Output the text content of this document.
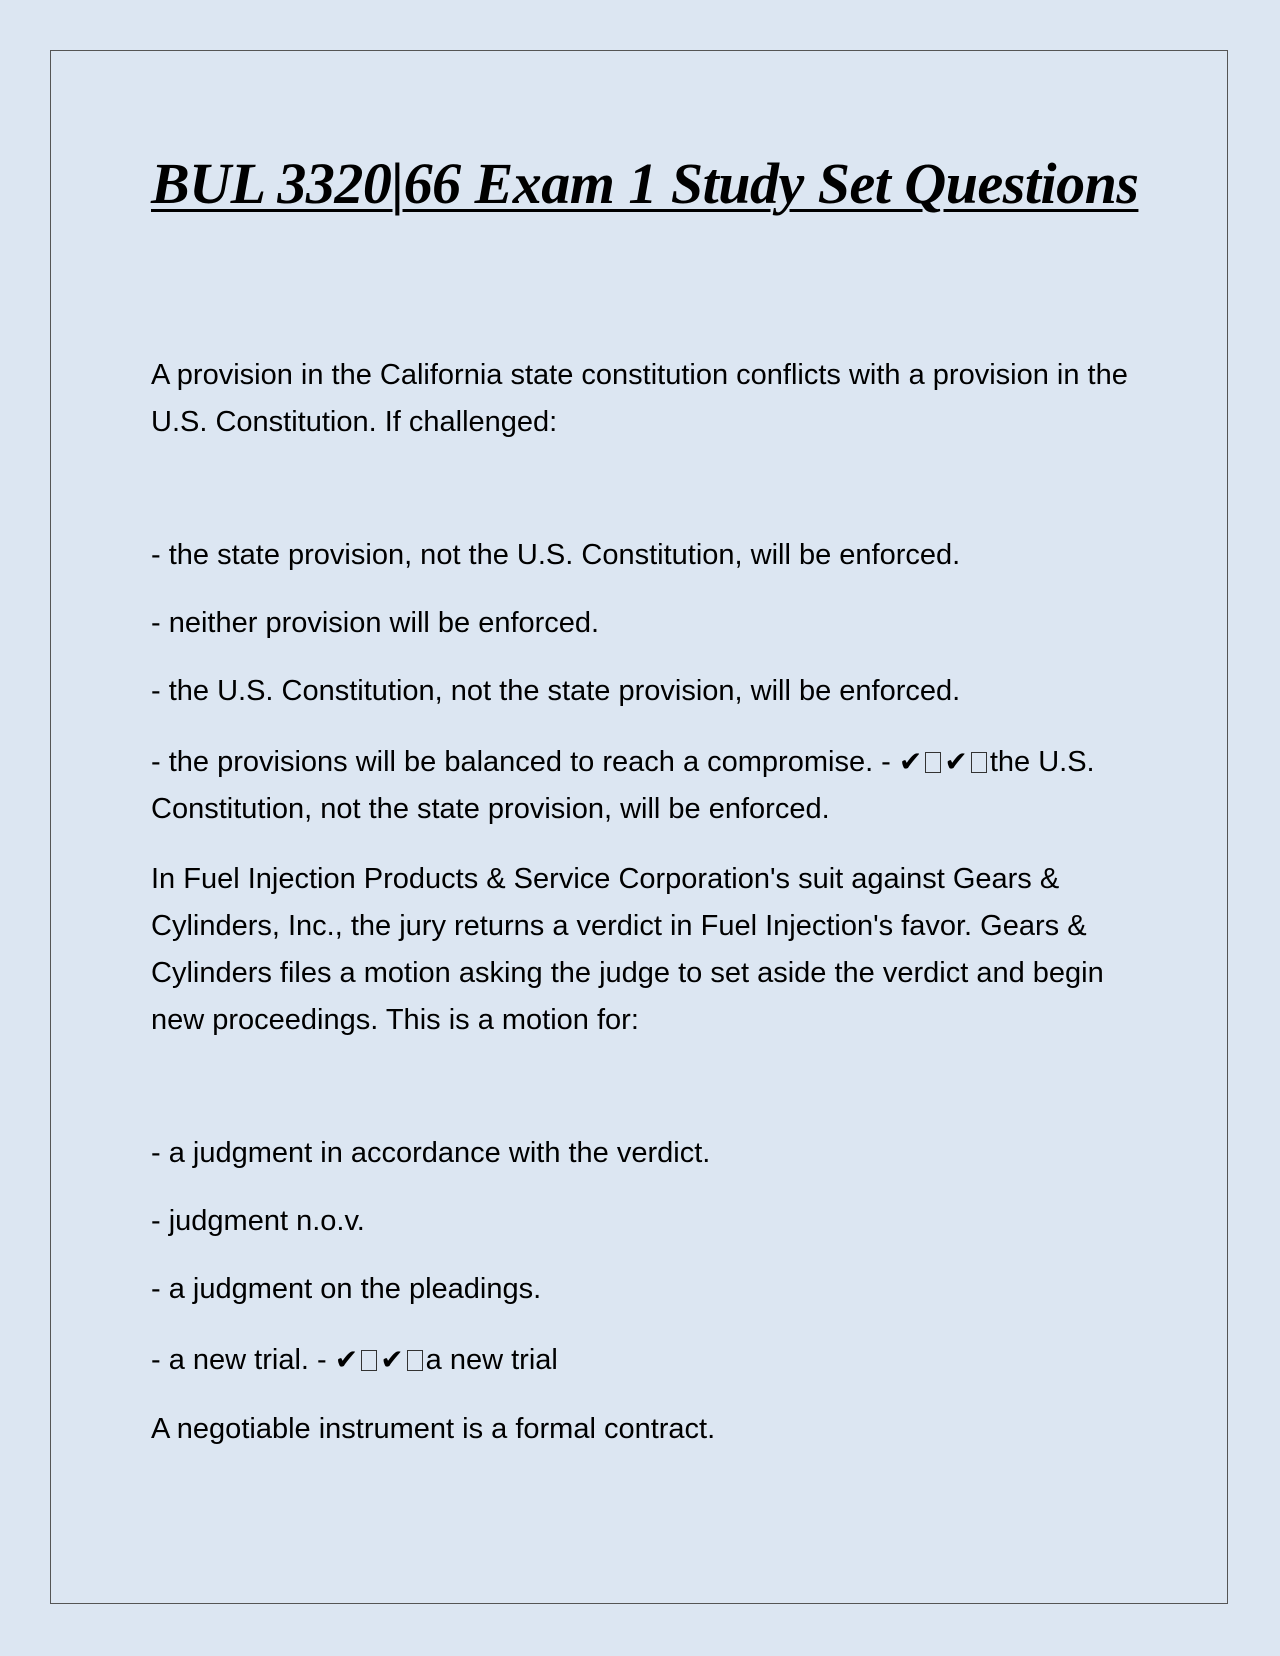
BUL 3320|66 Exam 1 Study Set Questions

A provision in the California state constitution conflicts with a provision in the U.S. Constitution. If challenged:

- the state provision, not the U.S. Constitution, will be enforced.

- neither provision will be enforced.

- the U.S. Constitution, not the state provision, will be enforced.

- the provisions will be balanced to reach a compromise. - ✔ ✔ the U.S. Constitution, not the state provision, will be enforced.

In Fuel Injection Products & Service Corporation's suit against Gears & Cylinders, Inc., the jury returns a verdict in Fuel Injection's favor. Gears & Cylinders files a motion asking the judge to set aside the verdict and begin new proceedings. This is a motion for:

- a judgment in accordance with the verdict.

- judgment n.o.v.

- a judgment on the pleadings.

- a new trial. - ✔ ✔ a new trial

A negotiable instrument is a formal contract.
